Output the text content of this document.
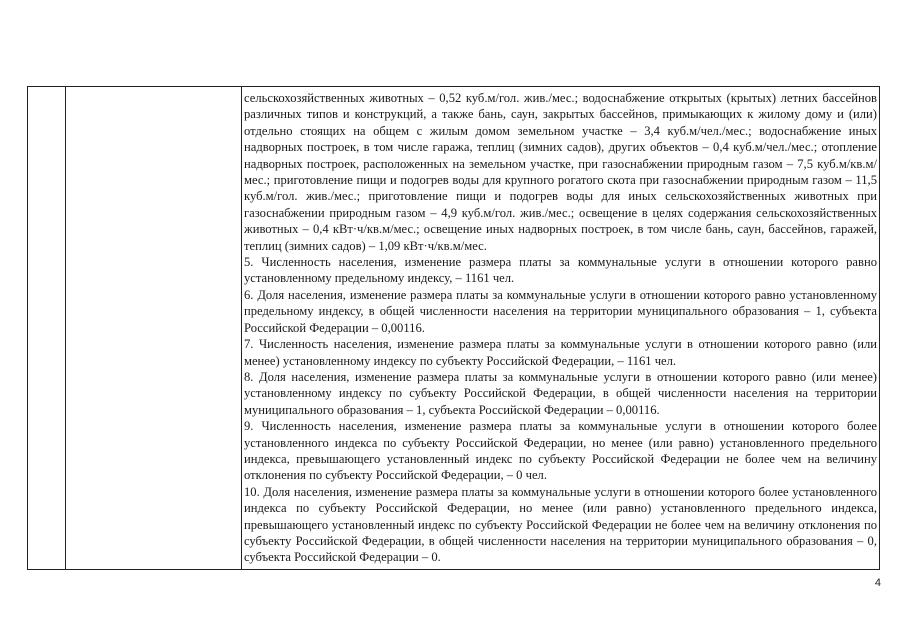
сельскохозяйственных животных – 0,52 куб.м/гол. жив./мес.; водоснабжение открытых (крытых) летних бассейнов различных типов и конструкций, а также бань, саун, закрытых бассейнов, примыкающих к жилому дому и (или) отдельно стоящих на общем с жилым домом земельном участке – 3,4 куб.м/чел./мес.; водоснабжение иных надворных построек, в том числе гаража, теплиц (зимних садов), других объектов – 0,4 куб.м/чел./мес.; отопление надворных построек, расположенных на земельном участке, при газоснабжении природным газом – 7,5 куб.м/кв.м/мес.; приготовление пищи и подогрев воды для крупного рогатого скота при газоснабжении природным газом – 11,5 куб.м/гол. жив./мес.; приготовление пищи и подогрев воды для иных сельскохозяйственных животных при газоснабжении природным газом – 4,9 куб.м/гол. жив./мес.; освещение в целях содержания сельскохозяйственных животных – 0,4 кВт·ч/кв.м/мес.; освещение иных надворных построек, в том числе бань, саун, бассейнов, гаражей, теплиц (зимних садов) – 1,09 кВт·ч/кв.м/мес.

5. Численность населения, изменение размера платы за коммунальные услуги в отношении которого равно установленному предельному индексу, – 1161 чел.

6. Доля населения, изменение размера платы за коммунальные услуги в отношении которого равно установленному предельному индексу, в общей численности населения на территории муниципального образования – 1, субъекта Российской Федерации – 0,00116.

7. Численность населения, изменение размера платы за коммунальные услуги в отношении которого равно (или менее) установленному индексу по субъекту Российской Федерации, – 1161 чел.

8. Доля населения, изменение размера платы за коммунальные услуги в отношении которого равно (или менее) установленному индексу по субъекту Российской Федерации, в общей численности населения на территории муниципального образования – 1, субъекта Российской Федерации – 0,00116.

9. Численность населения, изменение размера платы за коммунальные услуги в отношении которого более установленного индекса по субъекту Российской Федерации, но менее (или равно) установленного предельного индекса, превышающего установленный индекс по субъекту Российской Федерации не более чем на величину отклонения по субъекту Российской Федерации, – 0 чел.

10. Доля населения, изменение размера платы за коммунальные услуги в отношении которого более установленного индекса по субъекту Российской Федерации, но менее (или равно) установленного предельного индекса, превышающего установленный индекс по субъекту Российской Федерации не более чем на величину отклонения по субъекту Российской Федерации, в общей численности населения на территории муниципального образования – 0, субъекта Российской Федерации – 0.

4
